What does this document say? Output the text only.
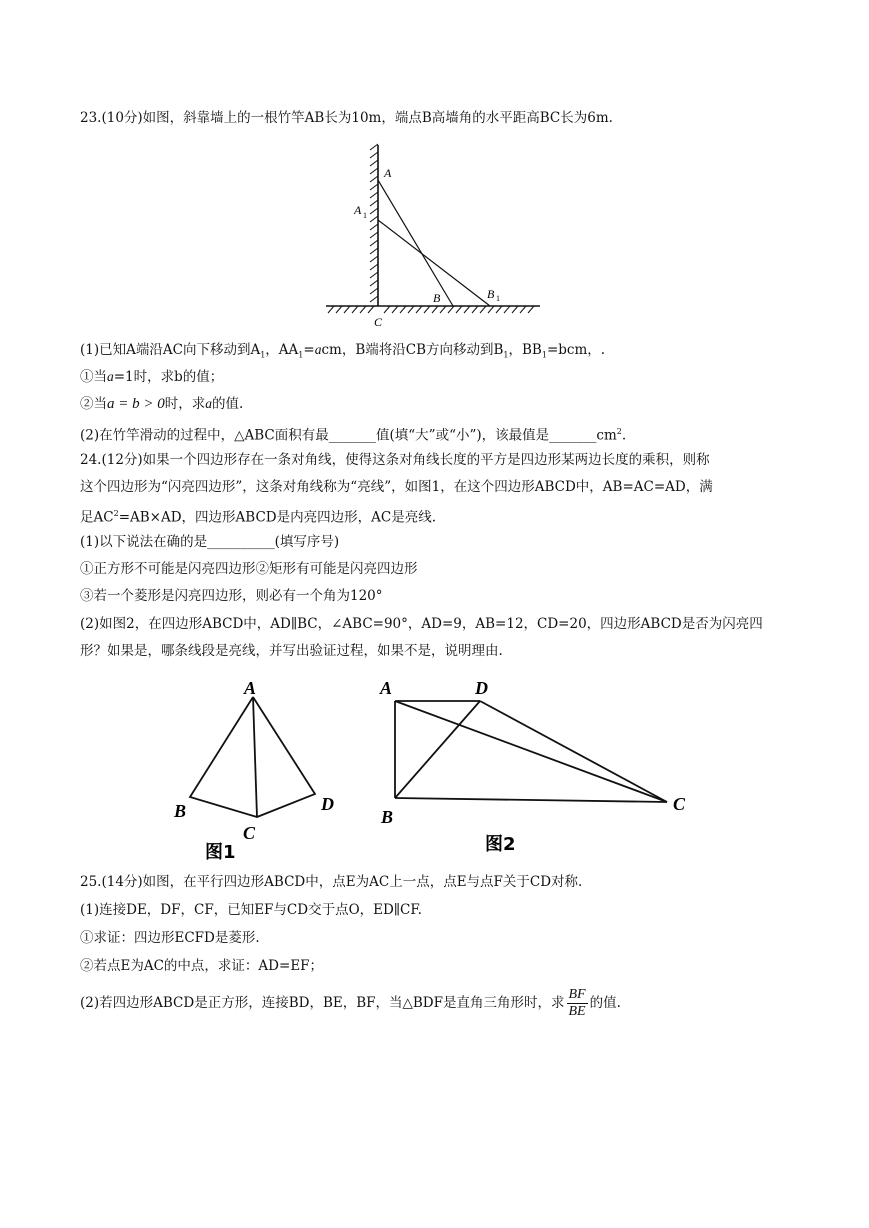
23.(10分)如图，斜靠墙上的一根竹竿AB长为10m，端点B高墙角的水平距高BC长为6m.
A
A 1
B	B 1
C
(1)已知A端沿AC向下移动到$A_1$，$AA_1=acm$，B端将沿CB方向移动到$B_1$，$BB_1=bcm$，.
①当a=1时，求b的值；
②当a = b > 0时，求a的值.
(2)在竹竿滑动的过程中，△ABC面积有最_______值(填“大”或“小”)，该最值是$\_\_\_\_\_\_\_cm^2$.
24.(12分)如果一个四边形存在一条对角线，使得这条对角线长度的平方是四边形某两边长度的乘积，则称
这个四边形为“闪亮四边形”，这条对角线称为“亮线”，如图1，在这个四边形ABCD中，AB=AC=AD，满
足$AC^2=AB\times AD$，四边形ABCD是内亮四边形，AC是亮线.
(1)以下说法在确的是__________(填写序号)
①正方形不可能是闪亮四边形②矩形有可能是闪亮四边形
③若一个菱形是闪亮四边形，则必有一个角为120°
(2)如图2，在四边形ABCD中，AD∥BC，∠ABC=90°，AD=9，AB=12，CD=20，四边形ABCD是否为闪亮四
形？如果是，哪条线段是亮线，并写出验证过程，如果不是，说明理由.
A
B
C
D
图1
A	D
B
C
图2
25.(14分)如图，在平行四边形ABCD中，点E为AC上一点，点E与点F关于CD对称.
(1)连接DE，DF，CF，已知EF与CD交于点O，ED∥CF.
①求证：四边形ECFD是菱形.
②若点E为AC的中点，求证：AD=EF；
(2)若四边形ABCD是正方形，连接BD，BE，BF，当△BDF是直角三角形时，求 $\frac{BF}{BE}$ 的值.
